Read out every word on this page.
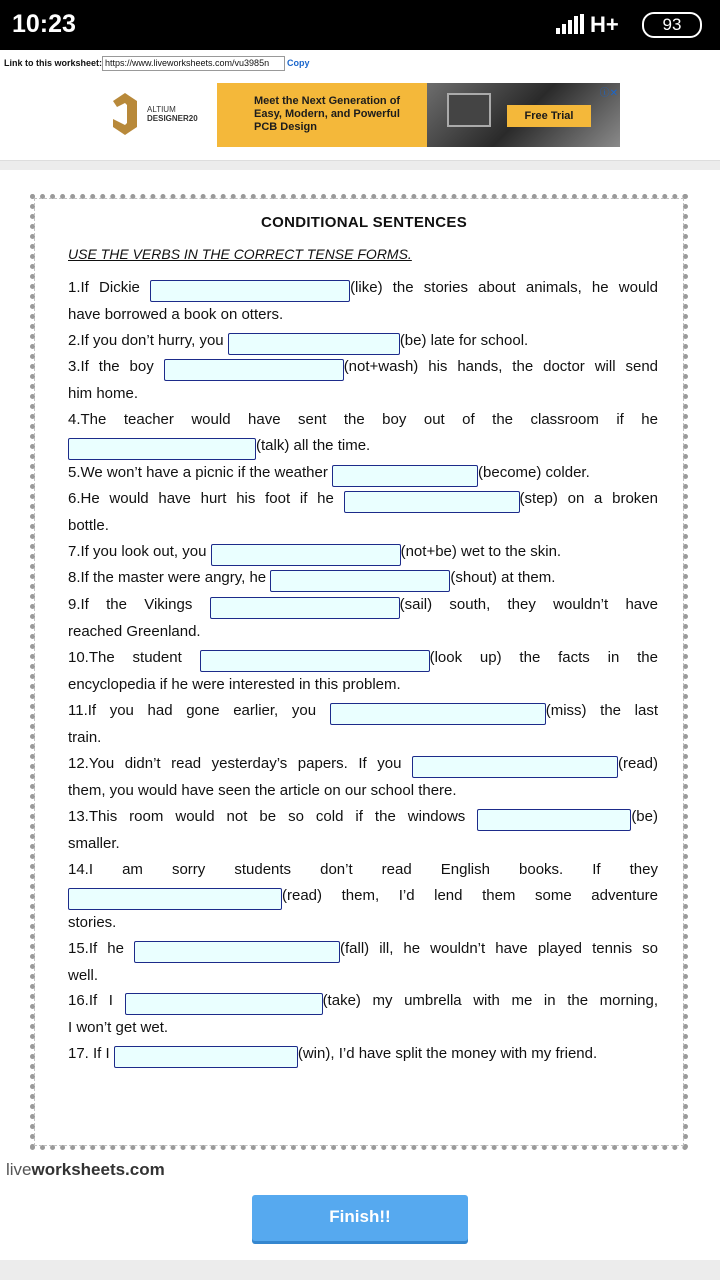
10:23	H+	93
Link to this worksheet: https://www.liveworksheets.com/vu3985n	Copy
ALTIUM
DESIGNER20
Meet the Next Generation of Easy, Modern, and Powerful PCB Design
Free Trial
ⓘ✕
CONDITIONAL SENTENCES
USE THE VERBS IN THE CORRECT TENSE FORMS.
1.If Dickie	(like) the stories about animals, he would
have borrowed a book on otters.
2.If you don’t hurry, you	(be) late for school.
3.If the boy	(not+wash) his hands, the doctor will send
him home.
4.The teacher would have sent the boy out of the classroom if he
(talk) all the time.
5.We won’t have a picnic if the weather	(become) colder.
6.He would have hurt his foot if he	(step) on a broken
bottle.
7.If you look out, you	(not+be) wet to the skin.
8.If the master were angry, he	(shout) at them.
9.If the Vikings	(sail) south, they wouldn’t have
reached Greenland.
10.The student	(look up) the facts in the
encyclopedia if he were interested in this problem.
11.If you had gone earlier, you	(miss) the last
train.
12.You didn’t read yesterday’s papers. If you	(read)
them, you would have seen the article on our school there.
13.This room would not be so cold if the windows	(be)
smaller.
14.I am sorry students don’t read English books. If they
(read) them, I’d lend them some adventure
stories.
15.If he	(fall) ill, he wouldn’t have played tennis so
well.
16.If I	(take) my umbrella with me in the morning,
I won’t get wet.
17. If I	(win), I’d have split the money with my friend.
liveworksheets.com
Finish!!
